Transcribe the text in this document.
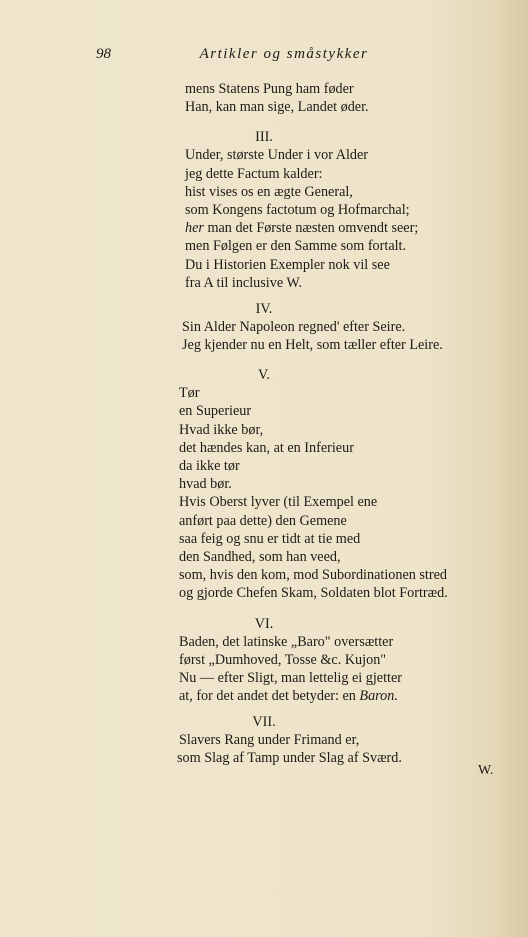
98	Artikler og småstykker
mens Statens Pung ham føder
Han, kan man sige, Landet øder.
III.
Under, største Under i vor Alder
jeg dette Factum kalder:
hist vises os en ægte General,
som Kongens factotum og Hofmarchal;
her man det Første næsten omvendt seer;
men Følgen er den Samme som fortalt.
Du i Historien Exempler nok vil see
fra A til inclusive W.
IV.
Sin Alder Napoleon regned' efter Seire.
Jeg kjender nu en Helt, som tæller efter Leire.
V.
Tør
en Superieur
Hvad ikke bør,
det hændes kan, at en Inferieur
da ikke tør
hvad bør.
Hvis Oberst lyver (til Exempel ene
anført paa dette) den Gemene
saa feig og snu er tidt at tie med
den Sandhed, som han veed,
som, hvis den kom, mod Subordinationen stred
og gjorde Chefen Skam, Soldaten blot Fortræd.
VI.
Baden, det latinske „Baro" oversætter
først „Dumhoved, Tosse &c. Kujon"
Nu — efter Sligt, man lettelig ei gjetter
at, for det andet det betyder: en Baron.
VII.
Slavers Rang under Frimand er,
som Slag af Tamp under Slag af Sværd.
W.
